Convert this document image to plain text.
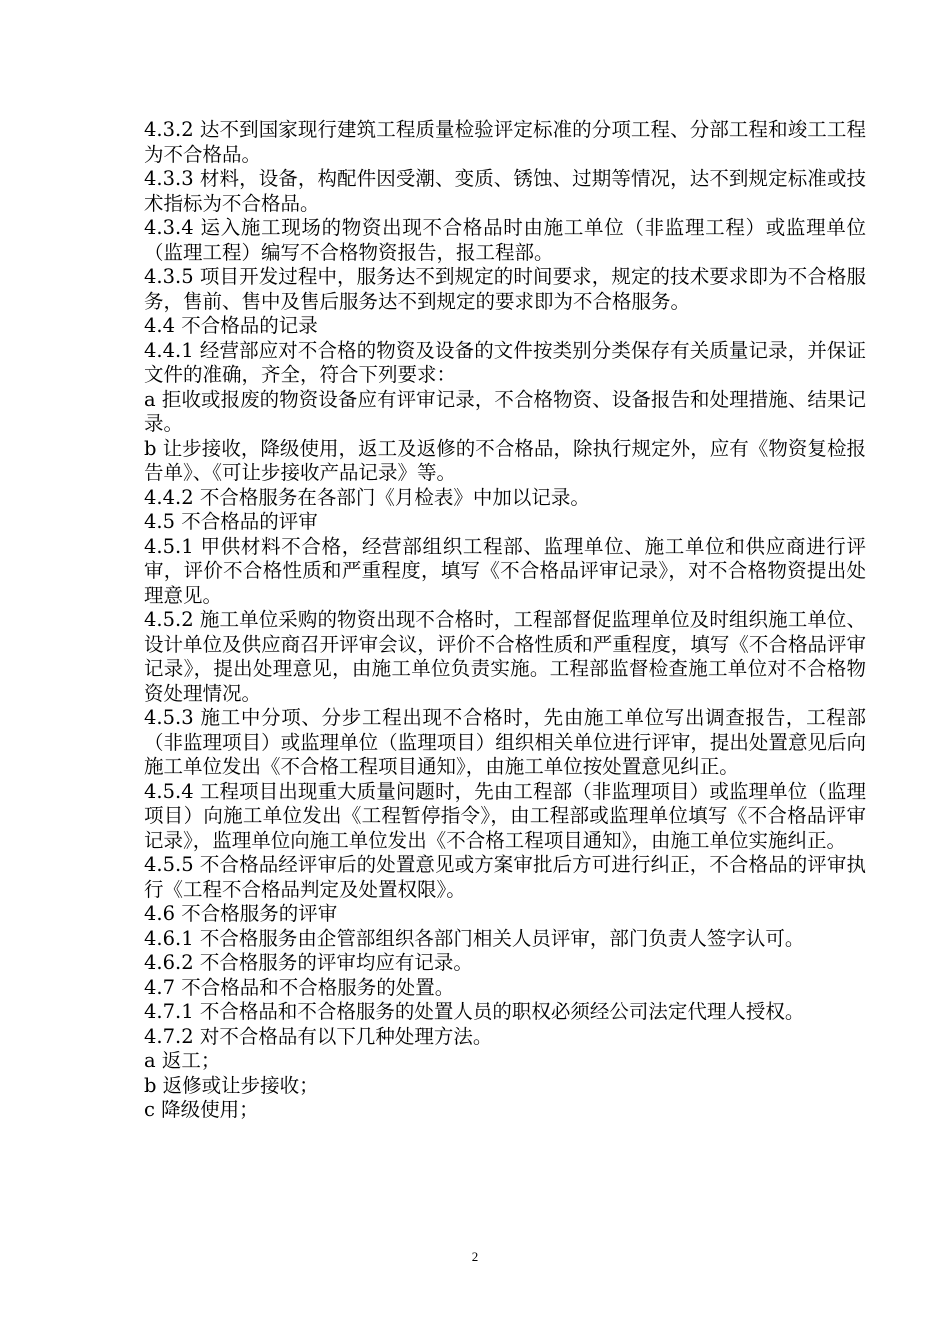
4.3.2 达不到国家现行建筑工程质量检验评定标准的分项工程、分部工程和竣工工程为不合格品。

4.3.3 材料，设备，构配件因受潮、变质、锈蚀、过期等情况，达不到规定标准或技术指标为不合格品。

4.3.4 运入施工现场的物资出现不合格品时由施工单位（非监理工程）或监理单位（监理工程）编写不合格物资报告，报工程部。

4.3.5 项目开发过程中，服务达不到规定的时间要求，规定的技术要求即为不合格服务，售前、售中及售后服务达不到规定的要求即为不合格服务。

4.4 不合格品的记录

4.4.1 经营部应对不合格的物资及设备的文件按类别分类保存有关质量记录，并保证文件的准确，齐全，符合下列要求：

a 拒收或报废的物资设备应有评审记录，不合格物资、设备报告和处理措施、结果记录。

b 让步接收，降级使用，返工及返修的不合格品，除执行规定外，应有《物资复检报告单》、《可让步接收产品记录》等。

4.4.2 不合格服务在各部门《月检表》中加以记录。

4.5 不合格品的评审

4.5.1 甲供材料不合格，经营部组织工程部、监理单位、施工单位和供应商进行评审，评价不合格性质和严重程度，填写《不合格品评审记录》，对不合格物资提出处理意见。

4.5.2 施工单位采购的物资出现不合格时，工程部督促监理单位及时组织施工单位、设计单位及供应商召开评审会议，评价不合格性质和严重程度，填写《不合格品评审记录》，提出处理意见，由施工单位负责实施。工程部监督检查施工单位对不合格物资处理情况。

4.5.3 施工中分项、分步工程出现不合格时，先由施工单位写出调查报告，工程部（非监理项目）或监理单位（监理项目）组织相关单位进行评审，提出处置意见后向施工单位发出《不合格工程项目通知》，由施工单位按处置意见纠正。

4.5.4 工程项目出现重大质量问题时，先由工程部（非监理项目）或监理单位（监理项目）向施工单位发出《工程暂停指令》，由工程部或监理单位填写《不合格品评审记录》，监理单位向施工单位发出《不合格工程项目通知》，由施工单位实施纠正。

4.5.5 不合格品经评审后的处置意见或方案审批后方可进行纠正，不合格品的评审执行《工程不合格品判定及处置权限》。

4.6 不合格服务的评审

4.6.1 不合格服务由企管部组织各部门相关人员评审，部门负责人签字认可。

4.6.2 不合格服务的评审均应有记录。

4.7 不合格品和不合格服务的处置。

4.7.1 不合格品和不合格服务的处置人员的职权必须经公司法定代理人授权。

4.7.2 对不合格品有以下几种处理方法。

a 返工；

b 返修或让步接收；

c 降级使用；

2
